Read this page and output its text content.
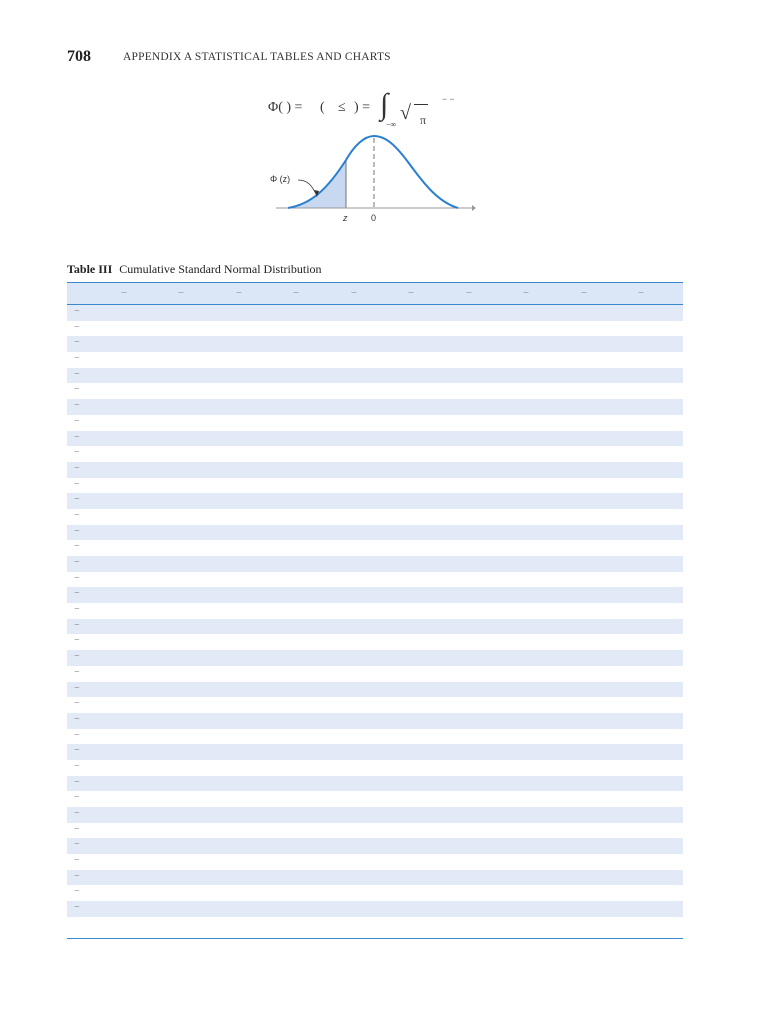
708	APPENDIX A STATISTICAL TABLES AND CHARTS
Φ( ) = ( ≤ ) = ∫
−∞
√ π
− −
Φ (z)
z	0
Table III Cumulative Standard Normal Distribution
−	−	−	−	−	−	−	−	−	−
−
−
−
−
−
−
−
−
−
−
−
−
−
−
−
−
−
−
−
−
−
−
−
−
−
−
−
−
−
−
−
−
−
−
−
−
−
−
−
